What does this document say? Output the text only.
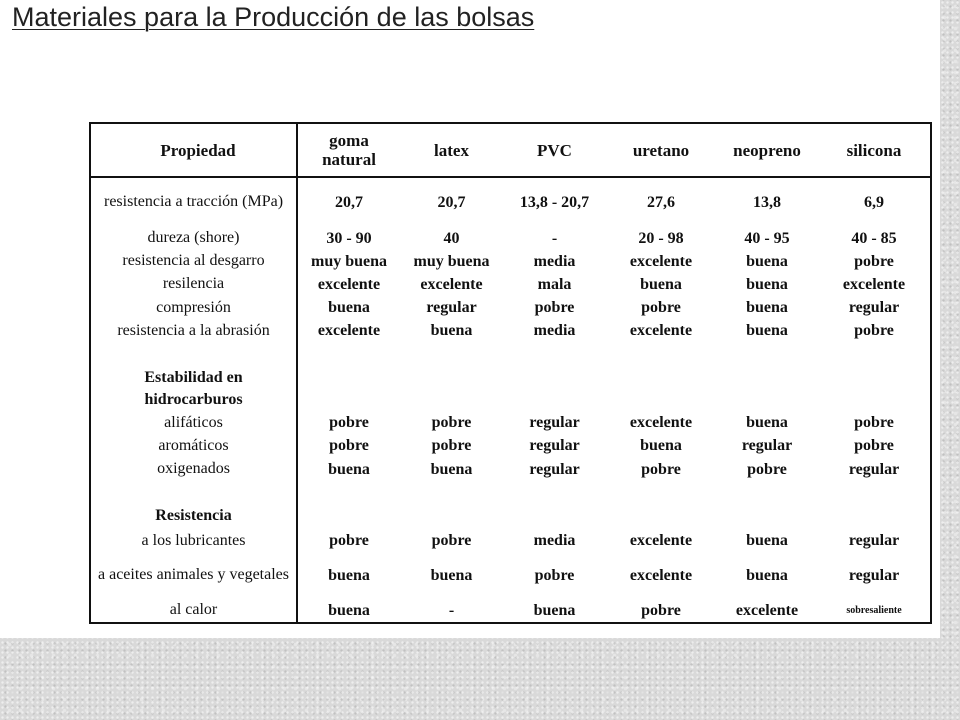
Materiales para la Producción de las bolsas
Propiedad	goma natural	latex	PVC	uretano	neopreno	silicona
resistencia a tracción (MPa)	20,7	20,7	13,8 - 20,7	27,6	13,8	6,9
dureza (shore)	30 - 90	40	-	20 - 98	40 - 95	40 - 85
resistencia al desgarro	muy buena	muy buena	media	excelente	buena	pobre
resilencia	excelente	excelente	mala	buena	buena	excelente
compresión	buena	regular	pobre	pobre	buena	regular
resistencia a la abrasión	excelente	buena	media	excelente	buena	pobre

Estabilidad en hidrocarburos						
alifáticos	pobre	pobre	regular	excelente	buena	pobre
aromáticos	pobre	pobre	regular	buena	regular	pobre
oxigenados	buena	buena	regular	pobre	pobre	regular

Resistencia						
a los lubricantes	pobre	pobre	media	excelente	buena	regular
a aceites animales y vegetales	buena	buena	pobre	excelente	buena	regular
al calor	buena	-	buena	pobre	excelente	sobresaliente
